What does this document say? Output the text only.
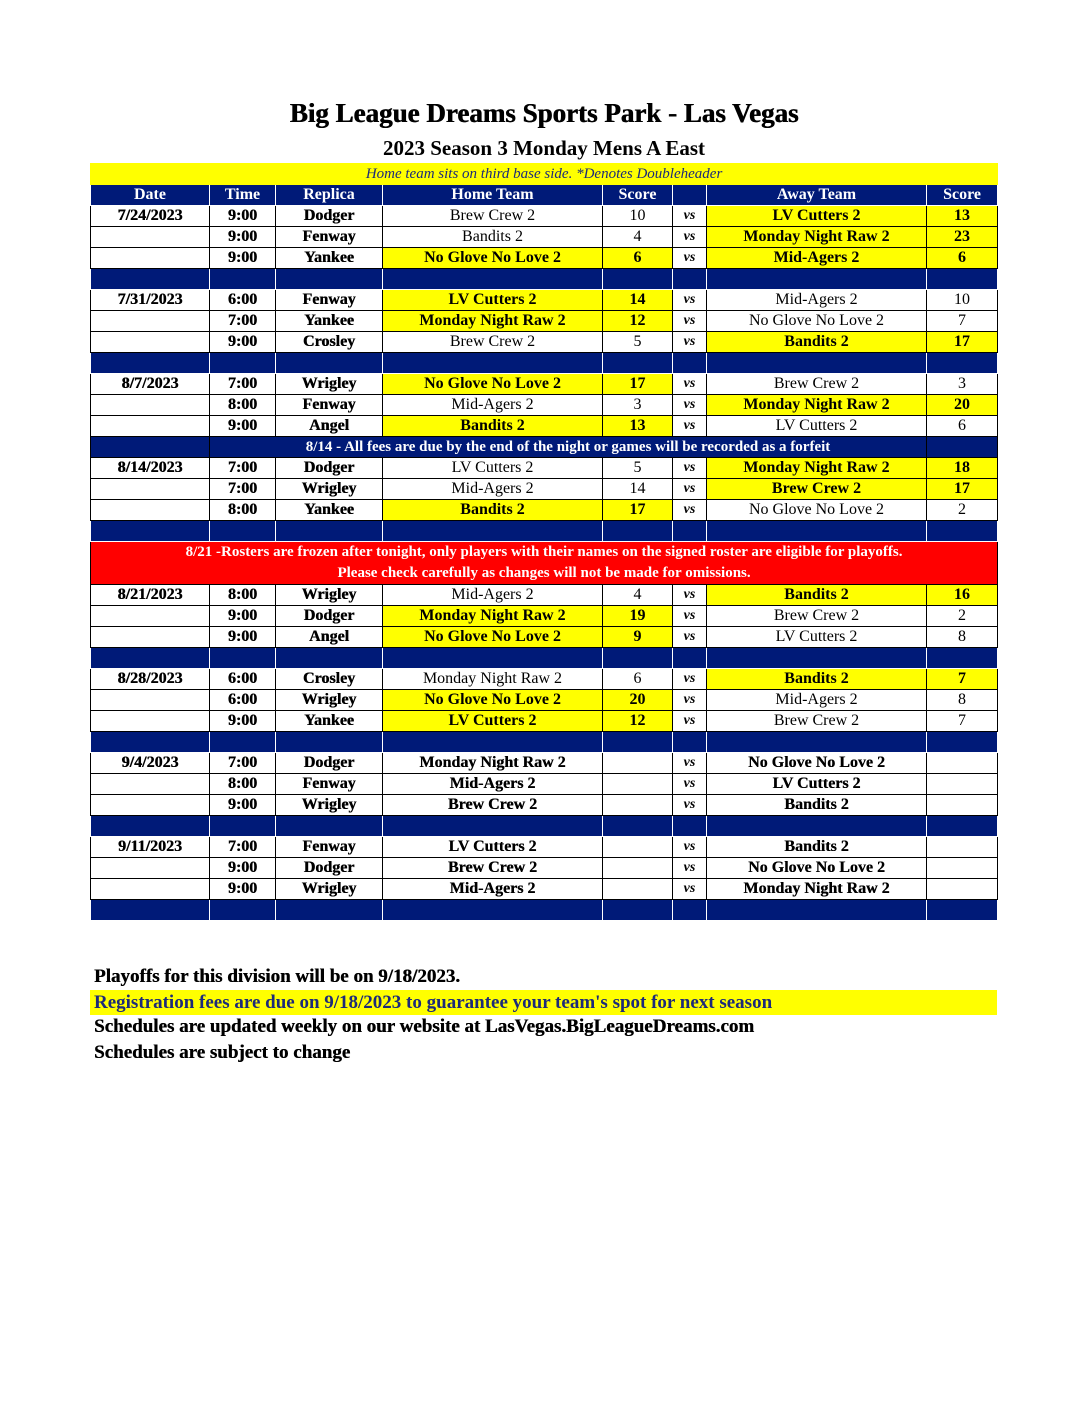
Big League Dreams Sports Park - Las Vegas
2023 Season 3 Monday Mens A East
Home team sits on third base side. *Denotes Doubleheader							
Date	Time	Replica	Home Team	Score		Away Team	Score
7/24/2023	9:00	Dodger	Brew Crew 2	10	vs	LV Cutters 2	13
	9:00	Fenway	Bandits 2	4	vs	Monday Night Raw 2	23
	9:00	Yankee	No Glove No Love 2	6	vs	Mid-Agers 2	6

7/31/2023	6:00	Fenway	LV Cutters 2	14	vs	Mid-Agers 2	10
	7:00	Yankee	Monday Night Raw 2	12	vs	No Glove No Love 2	7
	9:00	Crosley	Brew Crew 2	5	vs	Bandits 2	17

8/7/2023	7:00	Wrigley	No Glove No Love 2	17	vs	Brew Crew 2	3
	8:00	Fenway	Mid-Agers 2	3	vs	Monday Night Raw 2	20
	9:00	Angel	Bandits 2	13	vs	LV Cutters 2	6
	8/14 - All fees are due by the end of the night or games will be recorded as a forfeit						
8/14/2023	7:00	Dodger	LV Cutters 2	5	vs	Monday Night Raw 2	18
	7:00	Wrigley	Mid-Agers 2	14	vs	Brew Crew 2	17
	8:00	Yankee	Bandits 2	17	vs	No Glove No Love 2	2

8/21 -Rosters are frozen after tonight, only players with their names on the signed roster are eligible for playoffs.
Please check carefully as changes will not be made for omissions.							

8/21/2023	8:00	Wrigley	Mid-Agers 2	4	vs	Bandits 2	16
	9:00	Dodger	Monday Night Raw 2	19	vs	Brew Crew 2	2
	9:00	Angel	No Glove No Love 2	9	vs	LV Cutters 2	8

8/28/2023	6:00	Crosley	Monday Night Raw 2	6	vs	Bandits 2	7
	6:00	Wrigley	No Glove No Love 2	20	vs	Mid-Agers 2	8
	9:00	Yankee	LV Cutters 2	12	vs	Brew Crew 2	7

9/4/2023	7:00	Dodger	Monday Night Raw 2		vs	No Glove No Love 2	
	8:00	Fenway	Mid-Agers 2		vs	LV Cutters 2	
	9:00	Wrigley	Brew Crew 2		vs	Bandits 2	

9/11/2023	7:00	Fenway	LV Cutters 2		vs	Bandits 2	
	9:00	Dodger	Brew Crew 2		vs	No Glove No Love 2	
	9:00	Wrigley	Mid-Agers 2		vs	Monday Night Raw 2	

Playoffs for this division will be on 9/18/2023.
Registration fees are due on 9/18/2023 to guarantee your team's spot for next season
Schedules are updated weekly on our website at LasVegas.BigLeagueDreams.com
Schedules are subject to change
